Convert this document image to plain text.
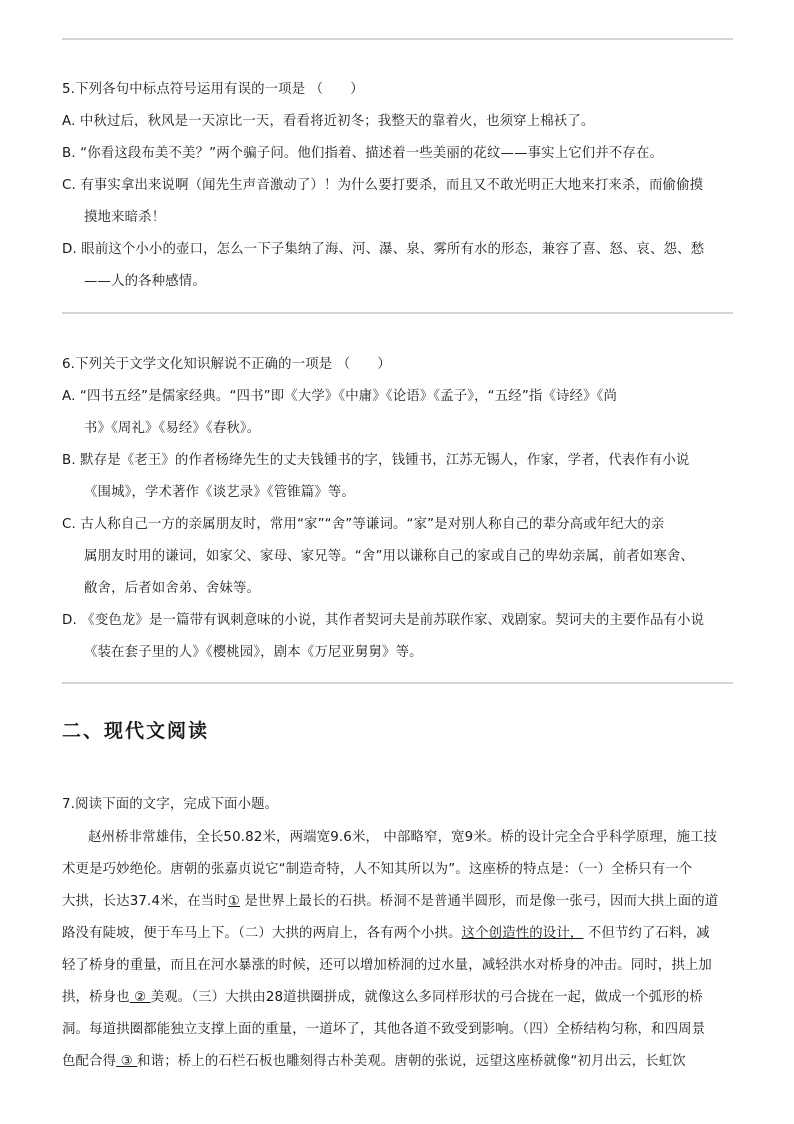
5.下列各句中标点符号运用有误的一项是 （　　）
A. 中秋过后，秋风是一天凉比一天，看看将近初冬；我整天的靠着火，也须穿上棉袄了。
B. “你看这段布美不美？”两个骗子问。他们指着、描述着一些美丽的花纹——事实上它们并不存在。
C. 有事实拿出来说啊（闻先生声音激动了）！为什么要打要杀，而且又不敢光明正大地来打来杀，而偷偷摸
摸地来暗杀！
D. 眼前这个小小的壶口，怎么一下子集纳了海、河、瀑、泉、雾所有水的形态，兼容了喜、怒、哀、怨、愁
——人的各种感情。
6.下列关于文学文化知识解说不正确的一项是 （　　）
A. “四书五经”是儒家经典。“四书”即《大学》《中庸》《论语》《孟子》，“五经”指《诗经》《尚
书》《周礼》《易经》《春秋》。
B. 默存是《老王》的作者杨绛先生的丈夫钱锺书的字，钱锺书，江苏无锡人，作家，学者，代表作有小说
《围城》，学术著作《谈艺录》《管锥篇》等。
C. 古人称自己一方的亲属朋友时，常用“家”“舍”等谦词。“家”是对别人称自己的辈分高或年纪大的亲
属朋友时用的谦词，如家父、家母、家兄等。“舍”用以谦称自己的家或自己的卑幼亲属，前者如寒舍、
敝舍，后者如舍弟、舍妹等。
D. 《变色龙》是一篇带有讽刺意味的小说，其作者契诃夫是前苏联作家、戏剧家。契诃夫的主要作品有小说
《装在套子里的人》《樱桃园》，剧本《万尼亚舅舅》等。
二、现代文阅读
7.阅读下面的文字，完成下面小题。
赵州桥非常雄伟，全长50.82米，两端宽9.6米， 中部略窄，宽9米。桥的设计完全合乎科学原理，施工技
术更是巧妙绝伦。唐朝的张嘉贞说它“制造奇特，人不知其所以为”。这座桥的特点是：（一）全桥只有一个
大拱，长达37.4米，在当时① 是世界上最长的石拱。桥洞不是普通半圆形，而是像一张弓，因而大拱上面的道
路没有陡坡，便于车马上下。（二）大拱的两肩上，各有两个小拱。这个创造性的设计， 不但节约了石料，减
轻了桥身的重量，而且在河水暴涨的时候，还可以增加桥洞的过水量，减轻洪水对桥身的冲击。同时，拱上加
拱，桥身也 ② 美观。（三）大拱由28道拱圈拼成，就像这么多同样形状的弓合拢在一起，做成一个弧形的桥
洞。每道拱圈都能独立支撑上面的重量，一道坏了，其他各道不致受到影响。（四）全桥结构匀称，和四周景
色配合得 ③ 和谐；桥上的石栏石板也雕刻得古朴美观。唐朝的张说，远望这座桥就像“初月出云，长虹饮
